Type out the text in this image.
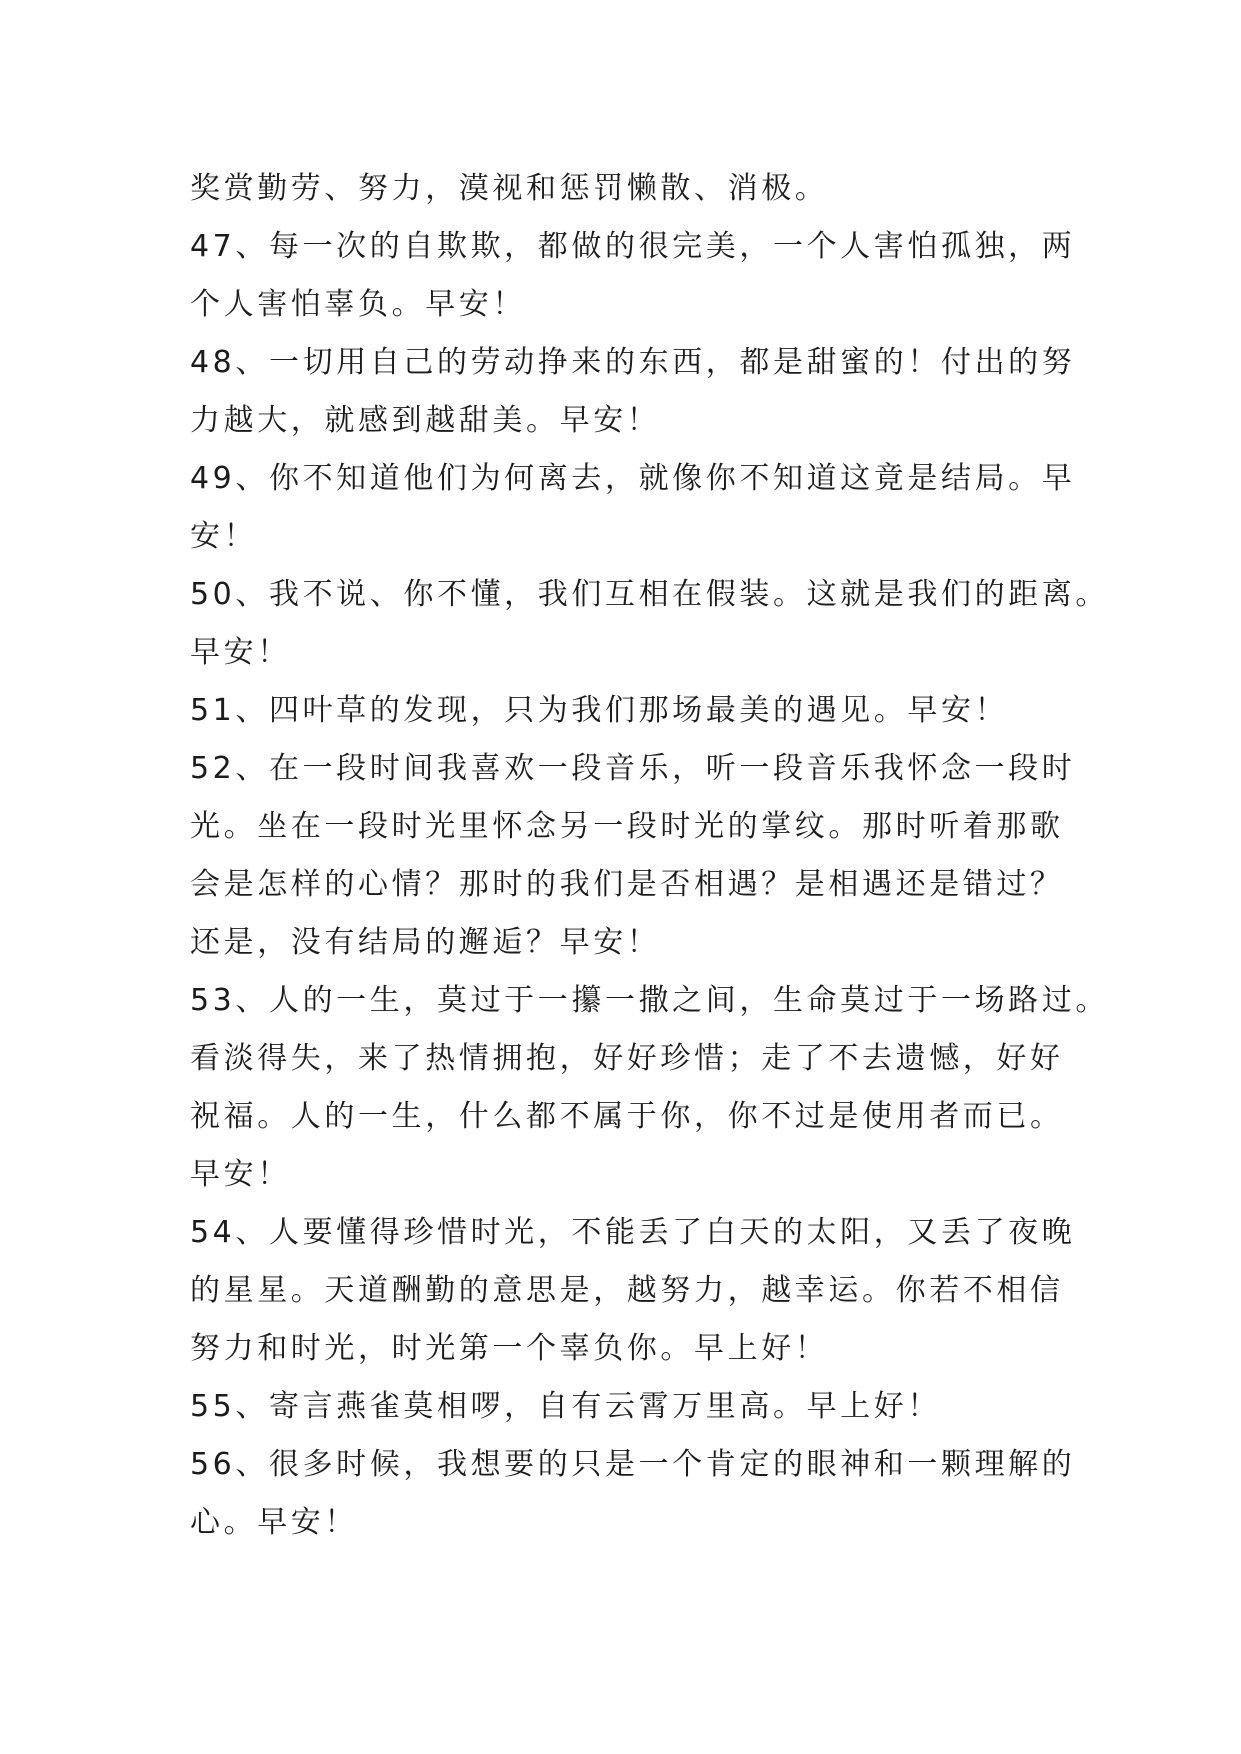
奖赏勤劳、努力，漠视和惩罚懒散、消极。
47、每一次的自欺欺，都做的很完美，一个人害怕孤独，两
个人害怕辜负。早安！
48、一切用自己的劳动挣来的东西，都是甜蜜的！付出的努
力越大，就感到越甜美。早安！
49、你不知道他们为何离去，就像你不知道这竟是结局。早
安！
50、我不说、你不懂，我们互相在假装。这就是我们的距离。
早安！
51、四叶草的发现，只为我们那场最美的遇见。早安！
52、在一段时间我喜欢一段音乐，听一段音乐我怀念一段时
光。坐在一段时光里怀念另一段时光的掌纹。那时听着那歌
会是怎样的心情？那时的我们是否相遇？是相遇还是错过？
还是，没有结局的邂逅？早安！
53、人的一生，莫过于一攥一撒之间，生命莫过于一场路过。
看淡得失，来了热情拥抱，好好珍惜；走了不去遗憾，好好
祝福。人的一生，什么都不属于你，你不过是使用者而已。
早安！
54、人要懂得珍惜时光，不能丢了白天的太阳，又丢了夜晚
的星星。天道酬勤的意思是，越努力，越幸运。你若不相信
努力和时光，时光第一个辜负你。早上好！
55、寄言燕雀莫相啰，自有云霄万里高。早上好！
56、很多时候，我想要的只是一个肯定的眼神和一颗理解的
心。早安！
